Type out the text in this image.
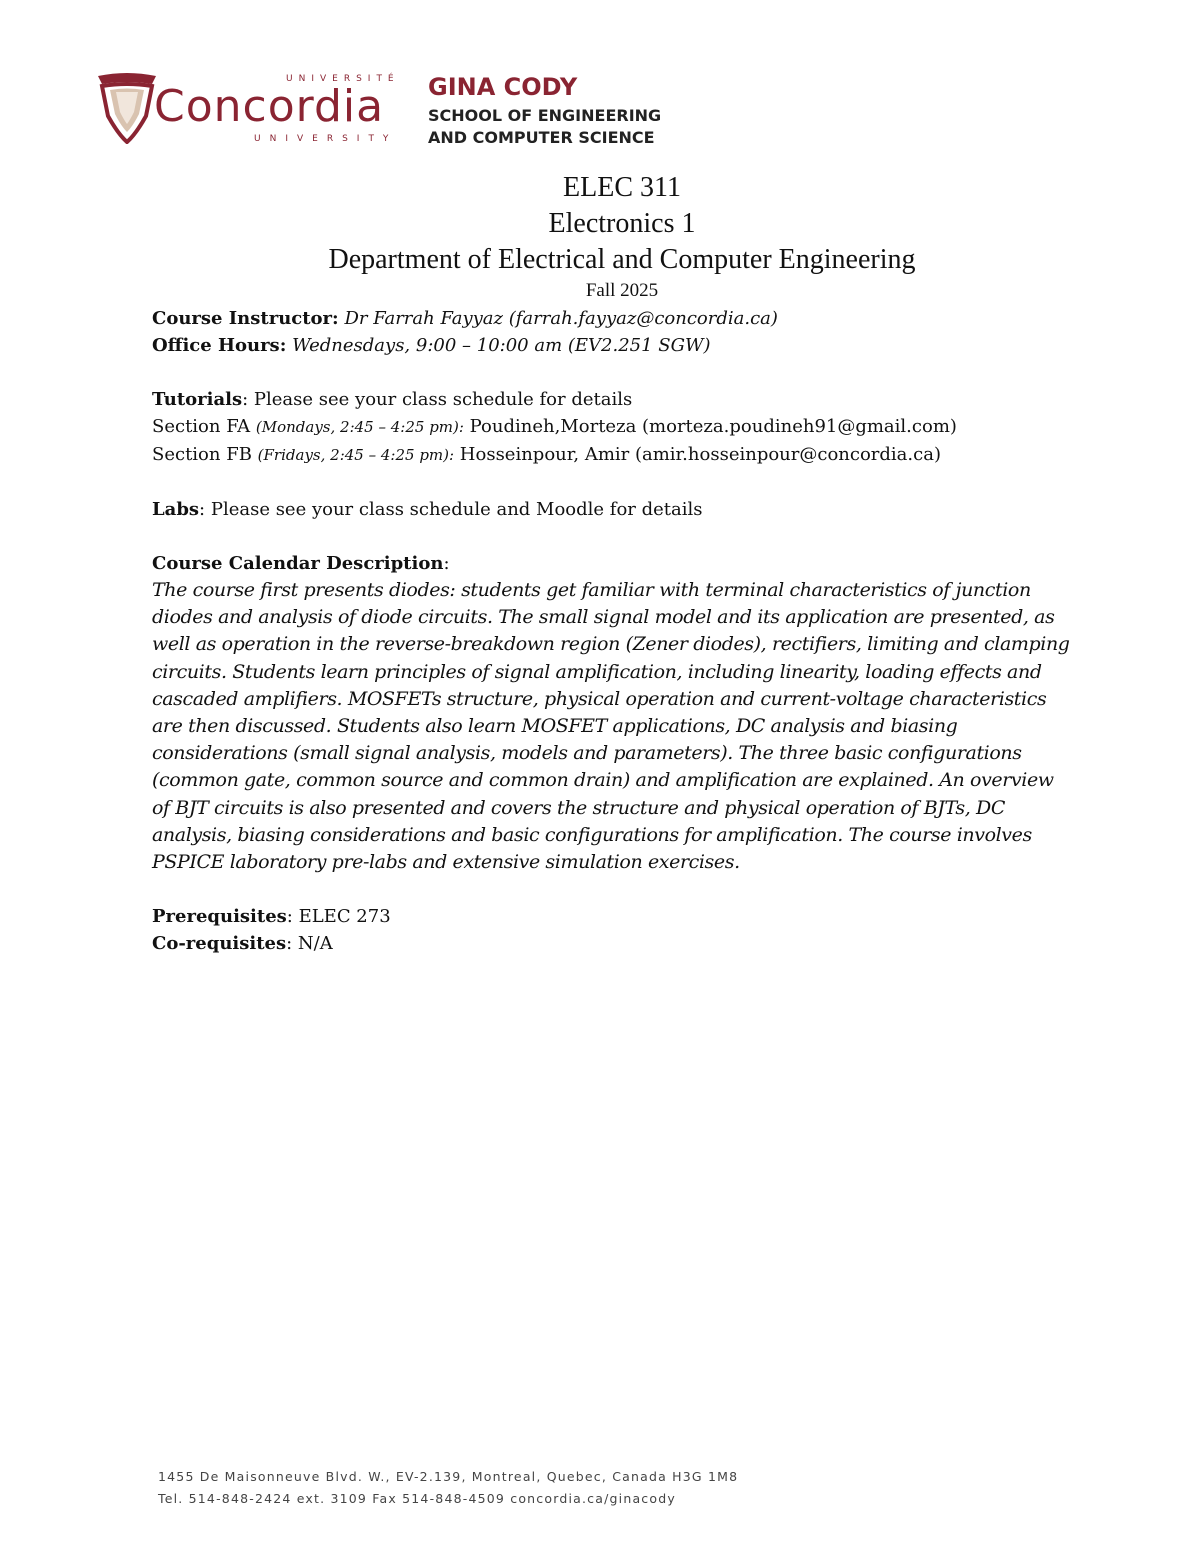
UNIVERSITÉ
Concordia
UNIVERSITY
GINA CODY
SCHOOL OF ENGINEERING
AND COMPUTER SCIENCE
ELEC 311
Electronics 1
Department of Electrical and Computer Engineering
Fall 2025

Course Instructor: Dr Farrah Fayyaz (farrah.fayyaz@concordia.ca)

Office Hours: Wednesdays, 9:00 – 10:00 am (EV2.251 SGW)

Tutorials: Please see your class schedule for details

Section FA (Mondays, 2:45 – 4:25 pm): Poudineh,Morteza (morteza.poudineh91@gmail.com)

Section FB (Fridays, 2:45 – 4:25 pm): Hosseinpour, Amir (amir.hosseinpour@concordia.ca)

Labs: Please see your class schedule and Moodle for details

Course Calendar Description:

The course first presents diodes: students get familiar with terminal characteristics of junction
diodes and analysis of diode circuits. The small signal model and its application are presented, as
well as operation in the reverse-breakdown region (Zener diodes), rectifiers, limiting and clamping
circuits. Students learn principles of signal amplification, including linearity, loading effects and
cascaded amplifiers. MOSFETs structure, physical operation and current-voltage characteristics
are then discussed. Students also learn MOSFET applications, DC analysis and biasing
considerations (small signal analysis, models and parameters). The three basic configurations
(common gate, common source and common drain) and amplification are explained. An overview
of BJT circuits is also presented and covers the structure and physical operation of BJTs, DC
analysis, biasing considerations and basic configurations for amplification. The course involves
PSPICE laboratory pre-labs and extensive simulation exercises.

Prerequisites: ELEC 273

Co-requisites: N/A

1455 De Maisonneuve Blvd. W., EV-2.139, Montreal, Quebec, Canada H3G 1M8
Tel. 514-848-2424 ext. 3109 Fax 514-848-4509 concordia.ca/ginacody
